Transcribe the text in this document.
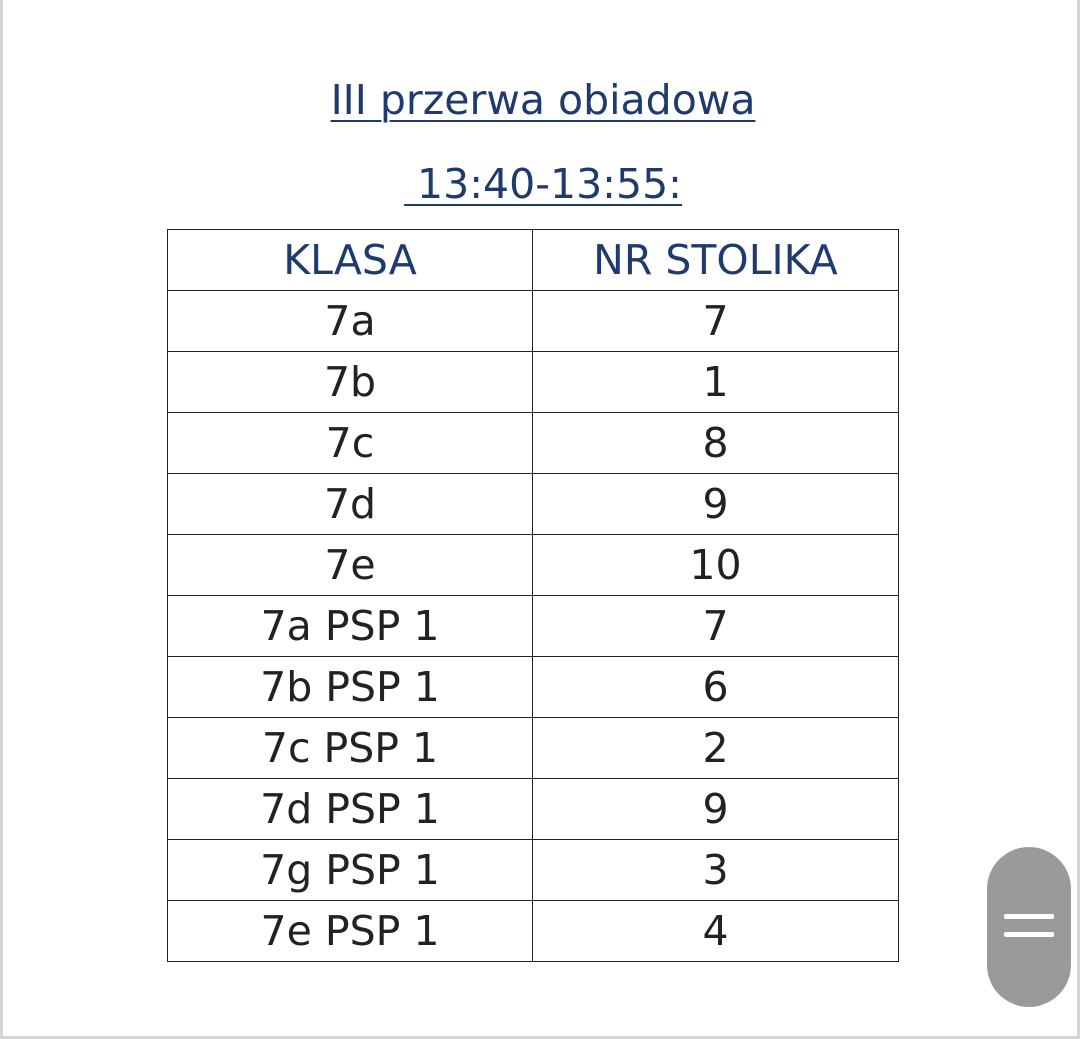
III przerwa obiadowa
13:40-13:55:
KLASA	NR STOLIKA
7a	7
7b	1
7c	8
7d	9
7e	10
7a PSP 1	7
7b PSP 1	6
7c PSP 1	2
7d PSP 1	9
7g PSP 1	3
7e PSP 1	4
